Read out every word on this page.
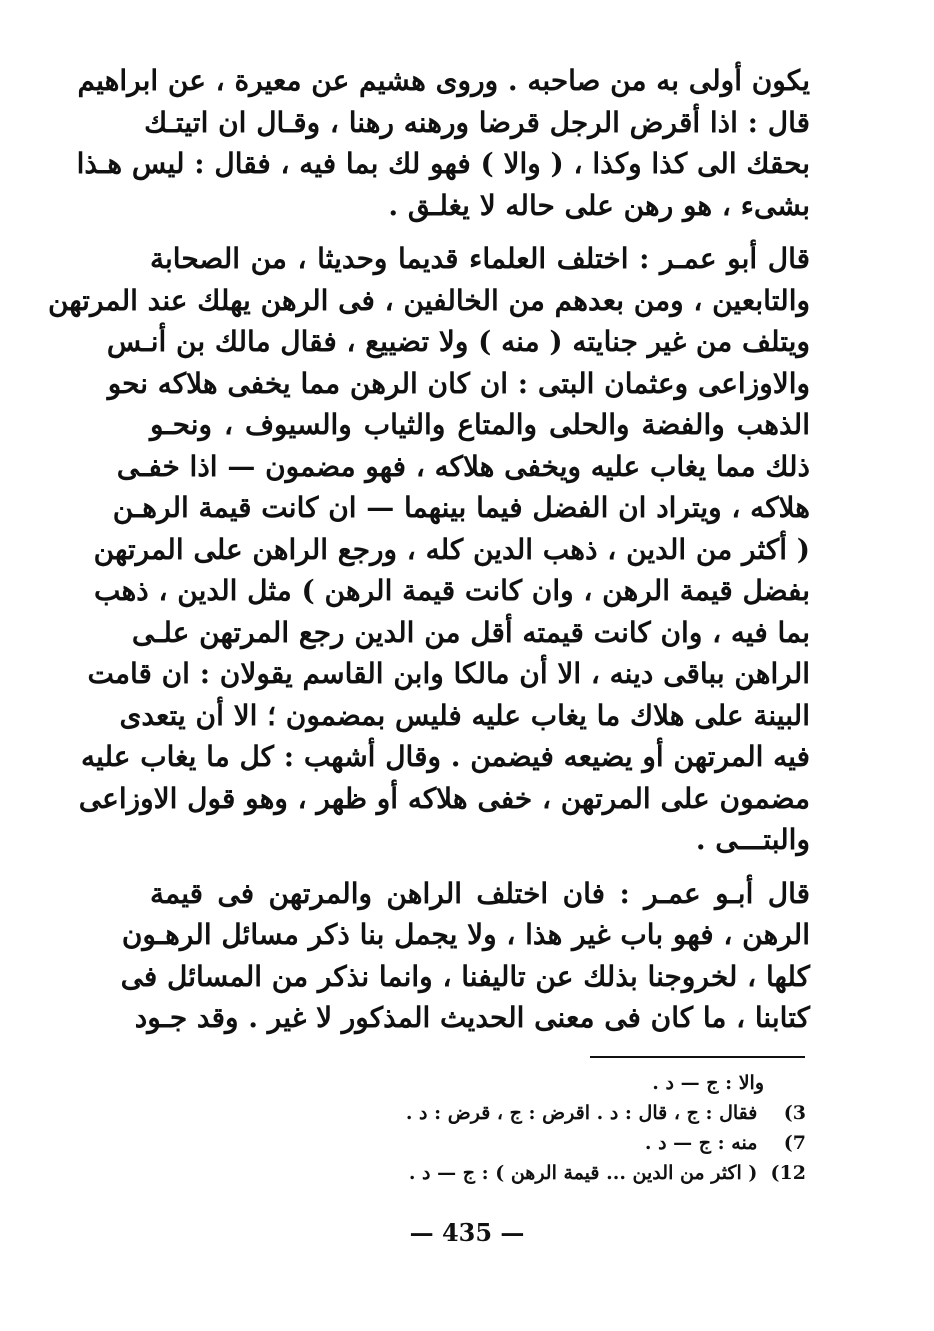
يكون أولى به من صاحبه . وروى هشيم عن معيرة ، عن ابراهيم
قال : اذا أقرض الرجل قرضا ورهنه رهنا ، وقـال ان اتيتـك
بحقك الى كذا وكذا ، ( والا ) فهو لك بما فيه ، فقال : ليس هـذا
بشىء ، هو رهن على حاله لا يغلـق .
قال أبو عمـر : اختلف العلماء قديما وحديثا ، من الصحابة
والتابعين ، ومن بعدهم من الخالفين ، فى الرهن يهلك عند المرتهن
ويتلف من غير جنايته ( منه ) ولا تضييع ، فقال مالك بن أنـس
والاوزاعى وعثمان البتى : ان كان الرهن مما يخفى هلاكه نحو
الذهب والفضة والحلى والمتاع والثياب والسيوف ، ونحـو
ذلك مما يغاب عليه ويخفى هلاكه ، فهو مضمون — اذا خفـى
هلاكه ، ويتراد ان الفضل فيما بينهما — ان كانت قيمة الرهـن
( أكثر من الدين ، ذهب الدين كله ، ورجع الراهن على المرتهن
بفضل قيمة الرهن ، وان كانت قيمة الرهن ) مثل الدين ، ذهب
بما فيه ، وان كانت قيمته أقل من الدين رجع المرتهن علـى
الراهن بباقى دينه ، الا أن مالكا وابن القاسم يقولان : ان قامت
البينة على هلاك ما يغاب عليه فليس بمضمون ؛ الا أن يتعدى
فيه المرتهن أو يضيعه فيضمن . وقال أشهب : كل ما يغاب عليه
مضمون على المرتهن ، خفى هلاكه أو ظهر ، وهو قول الاوزاعى
والبتـــى .
قال أبـو عمـر : فان اختلف الراهن والمرتهن فى قيمة
الرهن ، فهو باب غير هذا ، ولا يجمل بنا ذكر مسائل الرهـون
كلها ، لخروجنا بذلك عن تاليفنا ، وانما نذكر من المسائل فى
كتابنا ، ما كان فى معنى الحديث المذكور لا غير . وقد جـود
والا : ج — د .
3) فقال : ج ، قال : د . اقرض : ج ، قرض : د .
7) منه : ج — د .
12) ( اكثر من الدين ... قيمة الرهن ) : ج — د .
— 435 —
